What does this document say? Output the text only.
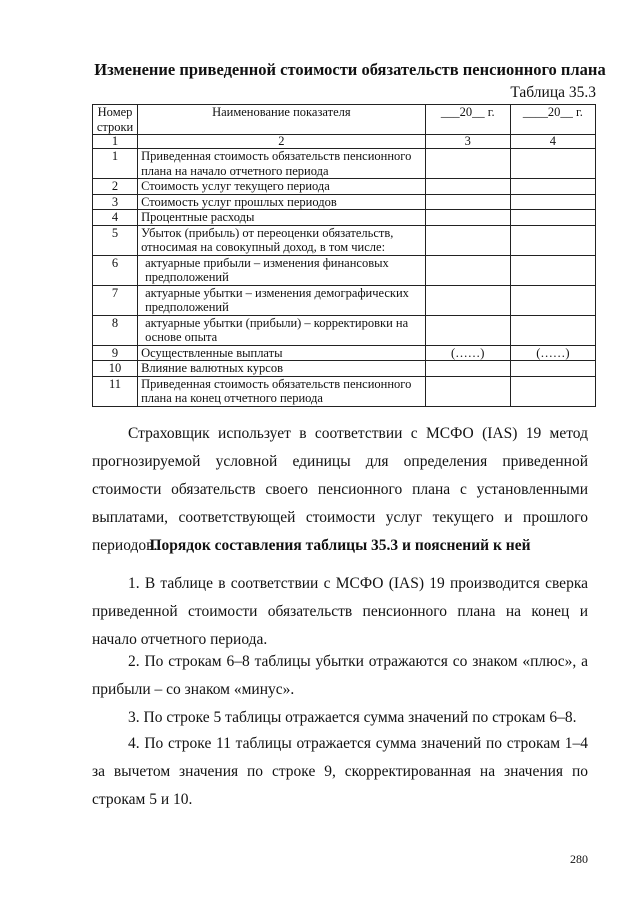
Изменение приведенной стоимости обязательств пенсионного плана
Таблица 35.3
Номер строки	Наименование показателя	___20__ г.	____20__ г.
1	2	3	4
1	Приведенная стоимость обязательств пенсионного плана на начало отчетного периода		
2	Стоимость услуг текущего периода		
3	Стоимость услуг прошлых периодов		
4	Процентные расходы		
5	Убыток (прибыль) от переоценки обязательств, относимая на совокупный доход, в том числе:		
6	актуарные прибыли – изменения финансовых предположений		
7	актуарные убытки – изменения демографических предположений		
8	актуарные убытки (прибыли) – корректировки на основе опыта		
9	Осуществленные выплаты	(……)	(……)
10	Влияние валютных курсов		
11	Приведенная стоимость обязательств пенсионного плана на конец отчетного периода		
Страховщик использует в соответствии с МСФО (IAS) 19 метод прогнозируемой условной единицы для определения приведенной стоимости обязательств своего пенсионного плана с установленными выплатами, соответствующей стоимости услуг текущего и прошлого периодов.
Порядок составления таблицы 35.3 и пояснений к ней
1. В таблице в соответствии с МСФО (IAS) 19 производится сверка приведенной стоимости обязательств пенсионного плана на конец и начало отчетного периода.
2. По строкам 6–8 таблицы убытки отражаются со знаком «плюс», а прибыли – со знаком «минус».
3. По строке 5 таблицы отражается сумма значений по строкам 6–8.
4. По строке 11 таблицы отражается сумма значений по строкам 1–4 за вычетом значения по строке 9, скорректированная на значения по строкам 5 и 10.
280
